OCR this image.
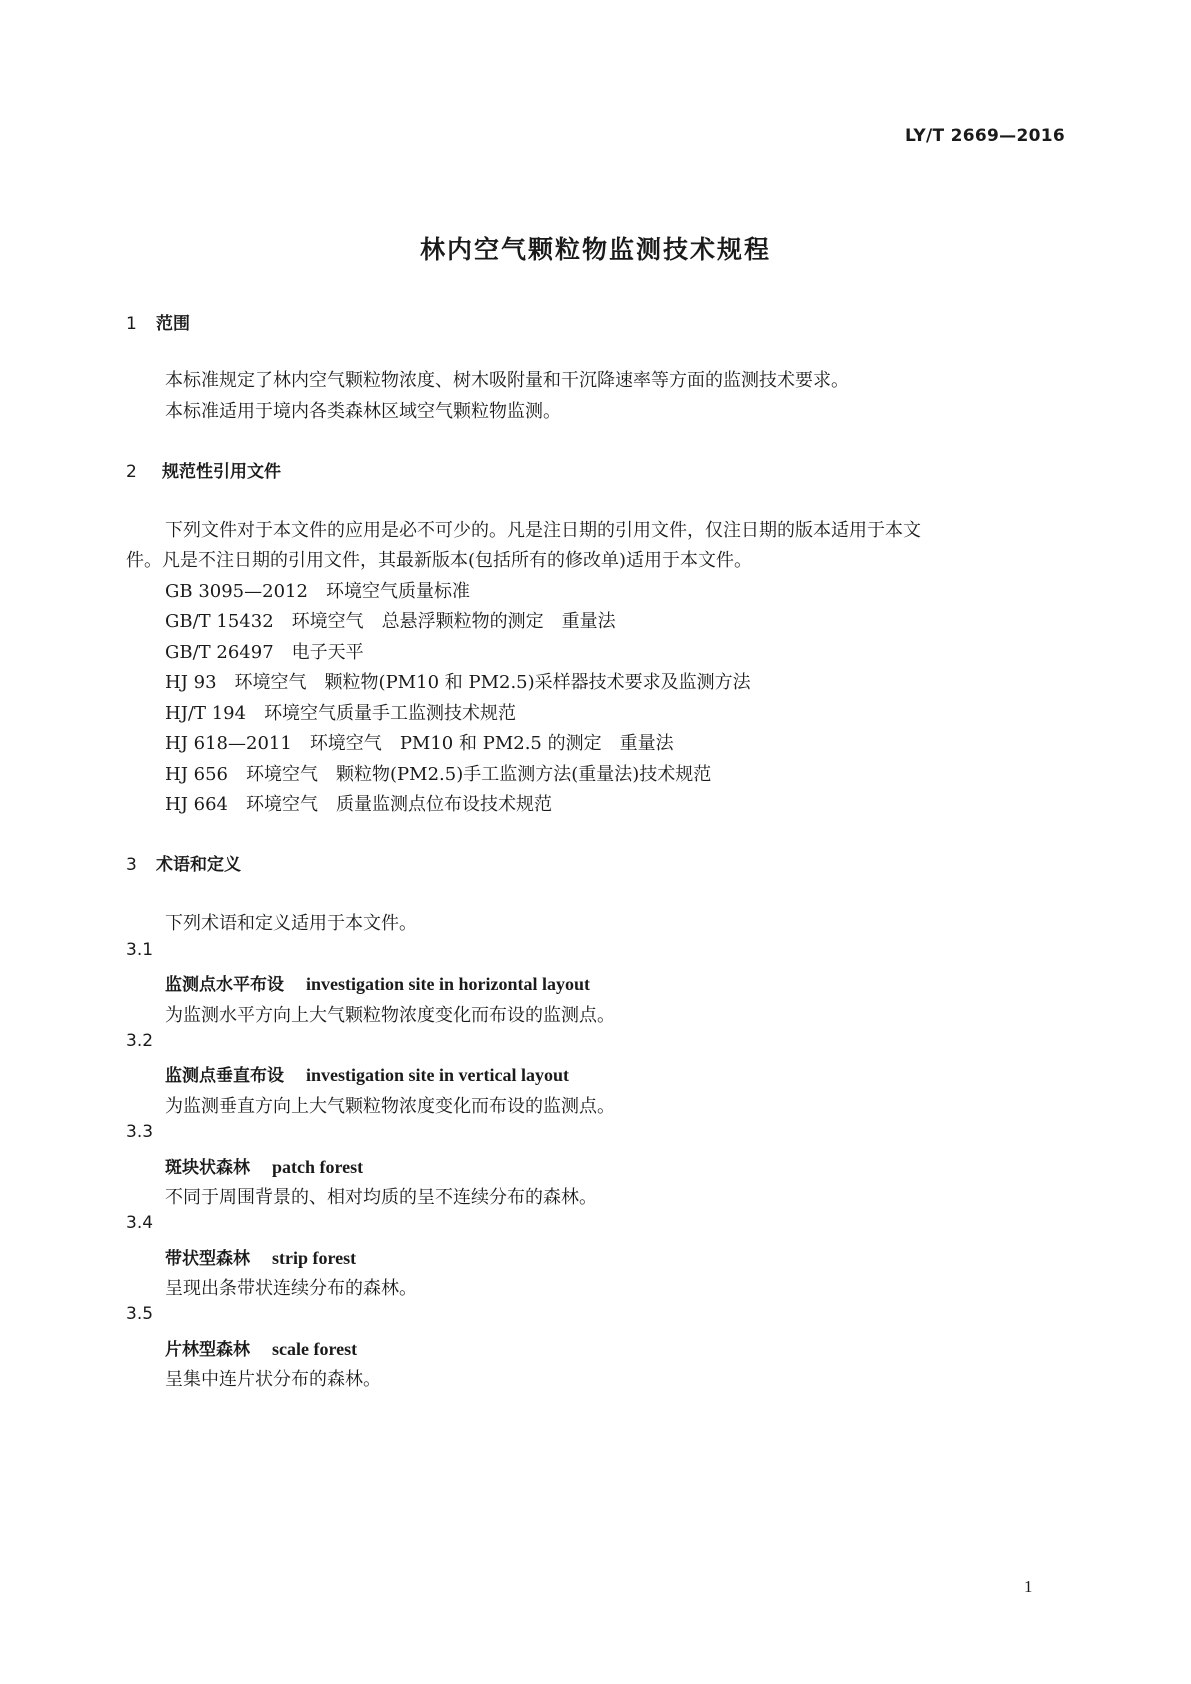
LY/T 2669—2016
林内空气颗粒物监测技术规程
1 范围
本标准规定了林内空气颗粒物浓度、树木吸附量和干沉降速率等方面的监测技术要求。
本标准适用于境内各类森林区域空气颗粒物监测。
2 规范性引用文件
下列文件对于本文件的应用是必不可少的。凡是注日期的引用文件，仅注日期的版本适用于本文
件。凡是不注日期的引用文件，其最新版本(包括所有的修改单)适用于本文件。
GB 3095—2012 环境空气质量标准
GB/T 15432 环境空气 总悬浮颗粒物的测定 重量法
GB/T 26497 电子天平
HJ 93 环境空气 颗粒物(PM10 和 PM2.5)采样器技术要求及监测方法
HJ/T 194 环境空气质量手工监测技术规范
HJ 618—2011 环境空气 PM10 和 PM2.5 的测定 重量法
HJ 656 环境空气 颗粒物(PM2.5)手工监测方法(重量法)技术规范
HJ 664 环境空气 质量监测点位布设技术规范
3 术语和定义
下列术语和定义适用于本文件。
3.1
监测点水平布设 investigation site in horizontal layout
为监测水平方向上大气颗粒物浓度变化而布设的监测点。
3.2
监测点垂直布设 investigation site in vertical layout
为监测垂直方向上大气颗粒物浓度变化而布设的监测点。
3.3
斑块状森林 patch forest
不同于周围背景的、相对均质的呈不连续分布的森林。
3.4
带状型森林 strip forest
呈现出条带状连续分布的森林。
3.5
片林型森林 scale forest
呈集中连片状分布的森林。
1
